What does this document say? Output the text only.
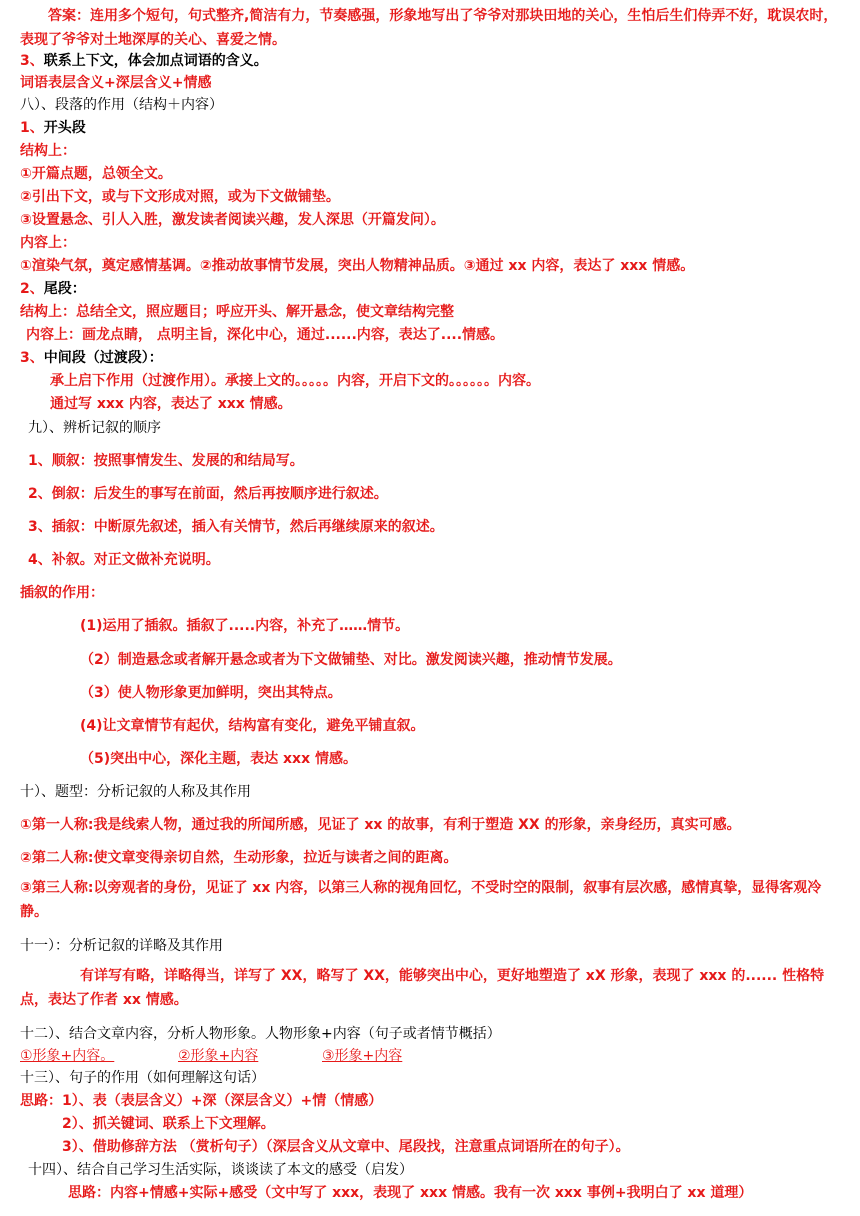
答案：连用多个短句，句式整齐,简洁有力，节奏感强，形象地写出了爷爷对那块田地的关心，生怕后生们侍弄不好，耽误农时，表现了爷爷对土地深厚的关心、喜爱之情。
3、联系上下文，体会加点词语的含义。
词语表层含义+深层含义+情感
八）、段落的作用（结构＋内容）
1、开头段
结构上：
①开篇点题，总领全文。
②引出下文，或与下文形成对照，或为下文做铺垫。
③设置悬念、引人入胜，激发读者阅读兴趣，发人深思（开篇发问）。
内容上：
①渲染气氛，奠定感情基调。②推动故事情节发展，突出人物精神品质。③通过 xx 内容，表达了 xxx 情感。
2、尾段：
结构上：总结全文，照应题目；呼应开头、解开悬念，使文章结构完整
内容上：画龙点睛， 点明主旨，深化中心，通过......内容，表达了....情感。
3、中间段（过渡段）：
承上启下作用（过渡作用）。承接上文的。。。。。内容，开启下文的。。。。。。内容。
通过写 xxx 内容，表达了 xxx 情感。
九）、辨析记叙的顺序
1、顺叙：按照事情发生、发展的和结局写。
2、倒叙：后发生的事写在前面，然后再按顺序进行叙述。
3、插叙：中断原先叙述，插入有关情节，然后再继续原来的叙述。
4、补叙。对正文做补充说明。
插叙的作用：
(1)运用了插叙。插叙了.....内容，补充了……情节。
（2）制造悬念或者解开悬念或者为下文做铺垫、对比。激发阅读兴趣，推动情节发展。
（3）使人物形象更加鲜明，突出其特点。
(4)让文章情节有起伏，结构富有变化，避免平铺直叙。
（5)突出中心，深化主题，表达 xxx 情感。
十）、题型：分析记叙的人称及其作用
①第一人称:我是线索人物，通过我的所闻所感，见证了 xx 的故事，有利于塑造 XX 的形象，亲身经历，真实可感。
②第二人称:使文章变得亲切自然，生动形象，拉近与读者之间的距离。
③第三人称:以旁观者的身份，见证了 xx 内容，以第三人称的视角回忆，不受时空的限制，叙事有层次感，感情真挚，显得客观冷静。
十一）：分析记叙的详略及其作用
有详写有略，详略得当，详写了 XX，略写了 XX，能够突出中心，更好地塑造了 xX 形象，表现了 xxx 的...... 性格特点，表达了作者 xx 情感。
十二）、结合文章内容，分析人物形象。人物形象+内容（句子或者情节概括）
①形象+内容。	②形象+内容	③形象+内容
十三）、句子的作用（如何理解这句话）
思路：1）、表（表层含义）+深（深层含义）+情（情感）
2）、抓关键词、联系上下文理解。
3）、借助修辞方法 （赏析句子）（深层含义从文章中、尾段找，注意重点词语所在的句子）。
十四）、结合自己学习生活实际，谈谈读了本文的感受（启发）
思路：内容+情感+实际+感受（文中写了 xxx，表现了 xxx 情感。我有一次 xxx 事例+我明白了 xx 道理）
